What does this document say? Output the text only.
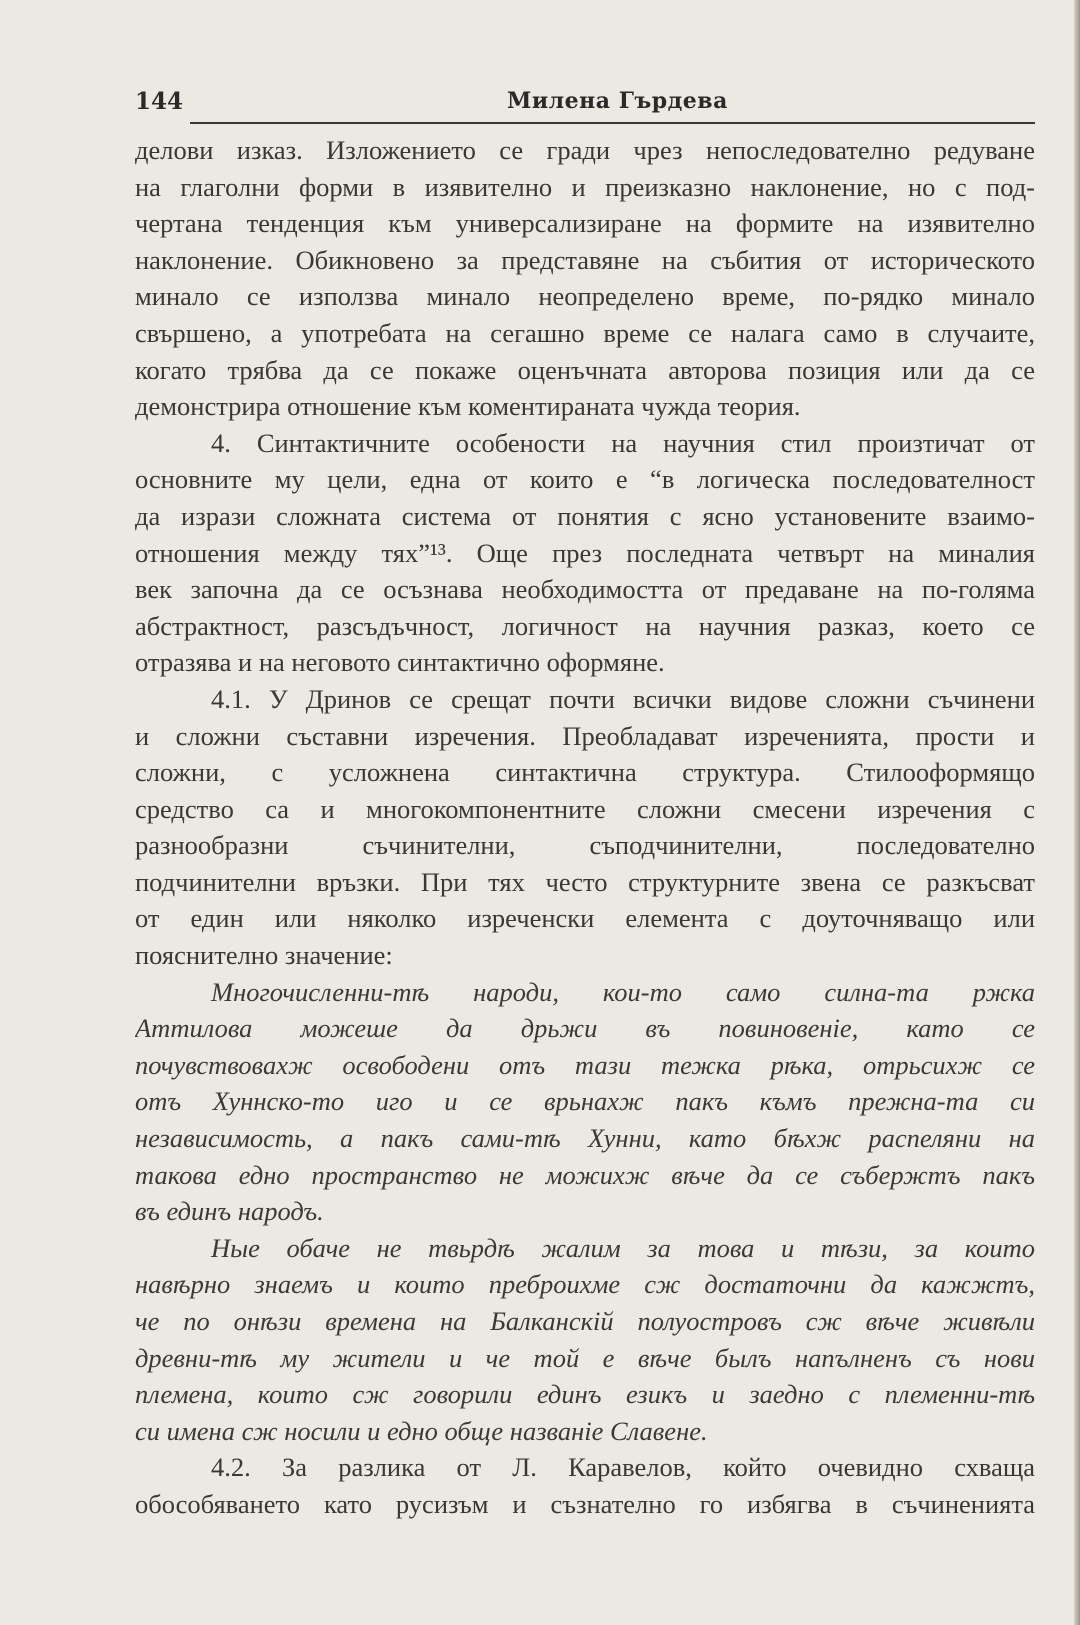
144	Милена Гърдева
делови изказ. Изложението се гради чрез непоследователно редуване
на глаголни форми в изявително и преизказно наклонение, но с под-
чертана тенденция към универсализиране на формите на изявително
наклонение. Обикновено за представяне на събития от историческото
минало се използва минало неопределено време, по-рядко минало
свършено, а употребата на сегашно време се налага само в случаите,
когато трябва да се покаже оценъчната авторова позиция или да се
демонстрира отношение към коментираната чужда теория.
4. Синтактичните особености на научния стил произтичат от
основните му цели, една от които е “в логическа последователност
да изрази сложната система от понятия с ясно установените взаимо-
отношения между тях”¹³. Още през последната четвърт на миналия
век започна да се осъзнава необходимостта от предаване на по-голяма
абстрактност, разсъдъчност, логичност на научния разказ, което се
отразява и на неговото синтактично оформяне.
4.1. У Дринов се срещат почти всички видове сложни съчинени
и сложни съставни изречения. Преобладават изреченията, прости и
сложни, с усложнена синтактична структура. Стилоoформящо
средство са и многокомпонентните сложни смесени изречения с
разнообразни съчинителни, съподчинителни, последователно
подчинителни връзки. При тях често структурните звена се разкъсват
от един или няколко изреченски елемента с доуточняващо или
пояснително значение:
Многочисленни-тѣ народи, кои-то само силна-та ржка
Аттилова можеше да дрьжи въ повиновеніе, като се
почувствовахж освободени отъ тази тежка рѣка, отрьсихж се
отъ Хуннско-то иго и се врьнахж пакъ къмъ прежна-та си
независимость, а пакъ сами-тѣ Хунни, като бѣхж распеляни на
такова едно пространство не можихж вѣче да се събержтъ пакъ
въ единъ народъ.
Ные обаче не твьрдѣ жалим за това и тѣзи, за които
навѣрно знаемъ и които преброихме сж достаточни да кажжтъ,
че по онѣзи времена на Балканскій полуостровъ сж вѣче живѣли
древни-тѣ му жители и че той е вѣче былъ напълненъ съ нови
племена, които сж говорили единъ езикъ и заедно с племенни-тѣ
си имена сж носили и едно обще названіе Славене.
4.2. За разлика от Л. Каравелов, който очевидно схваща
обособяването като русизъм и съзнателно го избягва в съчиненията
